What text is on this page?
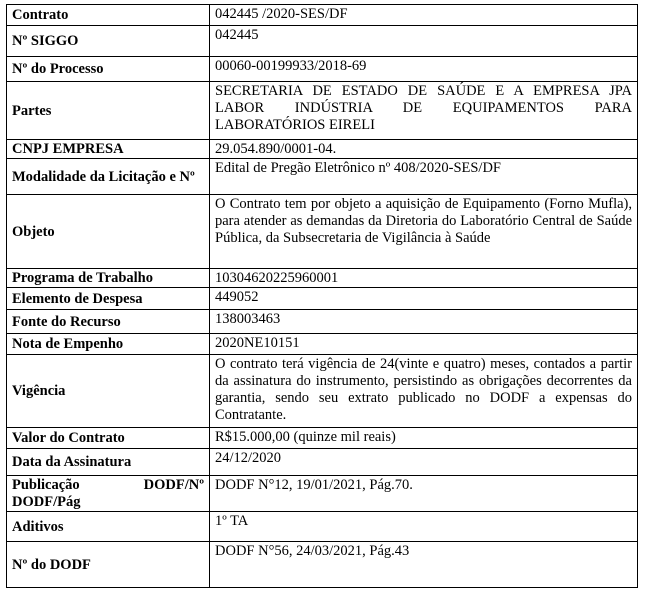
Contrato	042445 /2020-SES/DF
Nº SIGGO	042445
Nº do Processo	00060-00199933/2018-69
Partes	SECRETARIA DE ESTADO DE SAÚDE E A EMPRESA JPA LABOR INDÚSTRIA DE EQUIPAMENTOS PARA LABORATÓRIOS EIRELI
CNPJ EMPRESA	29.054.890/0001-04.
Modalidade da Licitação e Nº	Edital de Pregão Eletrônico nº 408/2020-SES/DF
Objeto	O Contrato tem por objeto a aquisição de Equipamento (Forno Mufla), para atender as demandas da Diretoria do Laboratório Central de Saúde Pública, da Subsecretaria de Vigilância à Saúde
Programa de Trabalho	10304620225960001
Elemento de Despesa	449052
Fonte do Recurso	138003463
Nota de Empenho	2020NE10151
Vigência	O contrato terá vigência de 24(vinte e quatro) meses, contados a partir da assinatura do instrumento, persistindo as obrigações decorrentes da garantia, sendo seu extrato publicado no DODF a expensas do Contratante.
Valor do Contrato	R$15.000,00 (quinze mil reais)
Data da Assinatura	24/12/2020
Publicação DODF/Nº DODF/Pág	DODF N°12, 19/01/2021, Pág.70.
Aditivos	1º TA
Nº do DODF	DODF N°56, 24/03/2021, Pág.43
